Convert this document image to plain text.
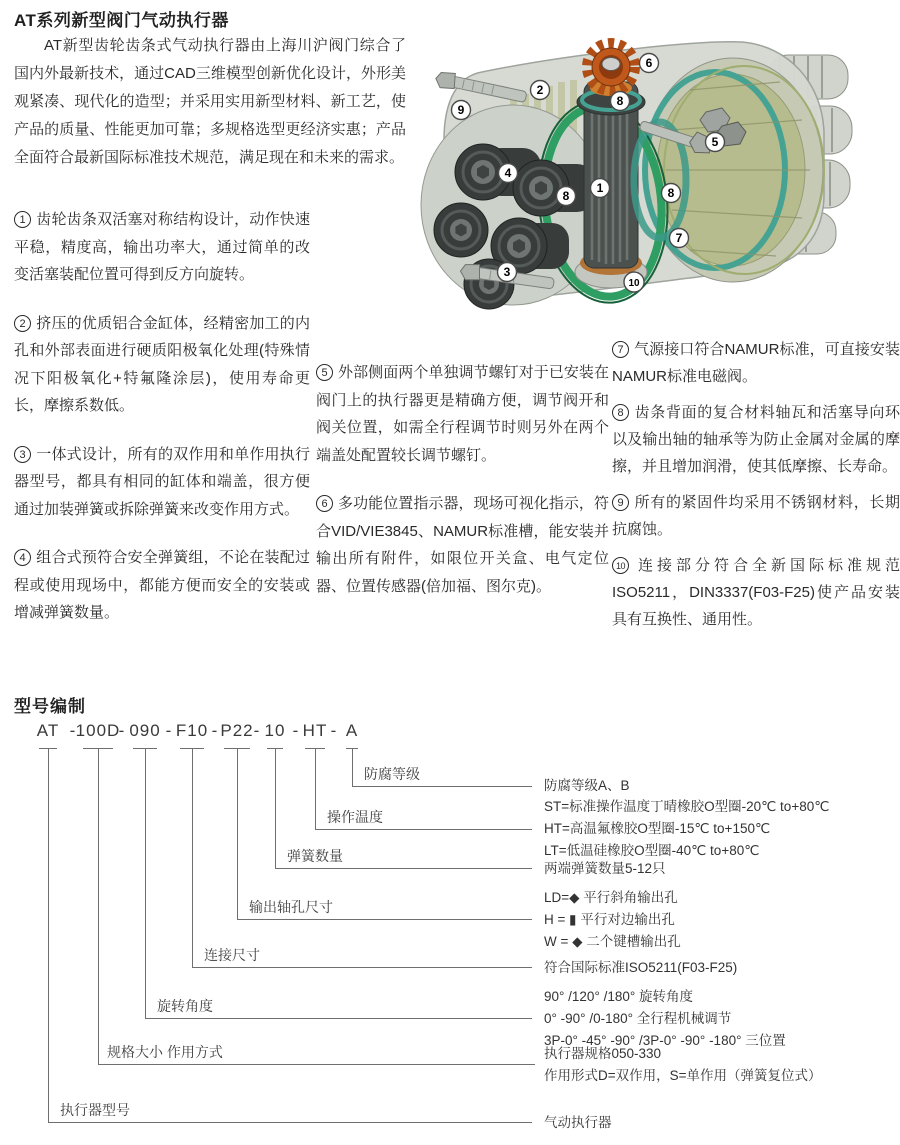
AT系列新型阀门气动执行器

AT新型齿轮齿条式气动执行器由上海川沪阀门综合了国内外最新技术，通过CAD三维模型创新优化设计，外形美观紧凑、现代化的造型；并采用实用新型材料、新工艺，使产品的质量、性能更加可靠；多规格选型更经济实惠；产品全面符合最新国际标准技术规范，满足现在和未来的需求。

9
2
6
8
4
8
1	8
5
7
3
10

1 齿轮齿条双活塞对称结构设计，动作快速平稳，精度高，输出功率大，通过简单的改变活塞装配位置可得到反方向旋转。

2 挤压的优质铝合金缸体，经精密加工的内孔和外部表面进行硬质阳极氧化处理(特殊情况下阳极氧化+特氟隆涂层)，使用寿命更长，摩擦系数低。

3 一体式设计，所有的双作用和单作用执行器型号，都具有相同的缸体和端盖，很方便通过加装弹簧或拆除弹簧来改变作用方式。

4 组合式预符合安全弹簧组，不论在装配过程或使用现场中，都能方便而安全的安装或增减弹簧数量。

5 外部侧面两个单独调节螺钉对于已安装在阀门上的执行器更是精确方便，调节阀开和阀关位置，如需全行程调节时则另外在两个端盖处配置较长调节螺钉。

6 多功能位置指示器，现场可视化指示，符合VID/VIE3845、NAMUR标准槽，能安装并输出所有附件，如限位开关盒、电气定位器、位置传感器(倍加福、图尔克)。

7 气源接口符合NAMUR标准，可直接安装NAMUR标准电磁阀。

8 齿条背面的复合材料轴瓦和活塞导向环以及输出轴的轴承等为防止金属对金属的摩擦，并且增加润滑，使其低摩擦、长寿命。

9 所有的紧固件均采用不锈钢材料，长期抗腐蚀。

10 连接部分符合全新国际标准规范ISO5211，DIN3337(F03-F25)使产品安装具有互换性、通用性。

型号编制
AT - 100D
- 090 - F10 - P22 - 10 - HT - A
防腐等级
操作温度
弹簧数量
输出轴孔尺寸
连接尺寸
旋转角度
规格大小 作用方式
执行器型号
防腐等级A、B
ST=标准操作温度丁晴橡胶O型圈-20℃ to+80℃
HT=高温氟橡胶O型圈-15℃ to+150℃
LT=低温硅橡胶O型圈-40℃ to+80℃
两端弹簧数量5-12只
LD=◆ 平行斜角输出孔
H = ▮ 平行对边输出孔
W = ◆ 二个键槽输出孔
符合国际标准ISO5211(F03-F25)
90° /120° /180° 旋转角度
0° -90° /0-180° 全行程机械调节
3P-0° -45° -90° /3P-0° -90° -180° 三位置
执行器规格050-330
作用形式D=双作用，S=单作用（弹簧复位式）
气动执行器
